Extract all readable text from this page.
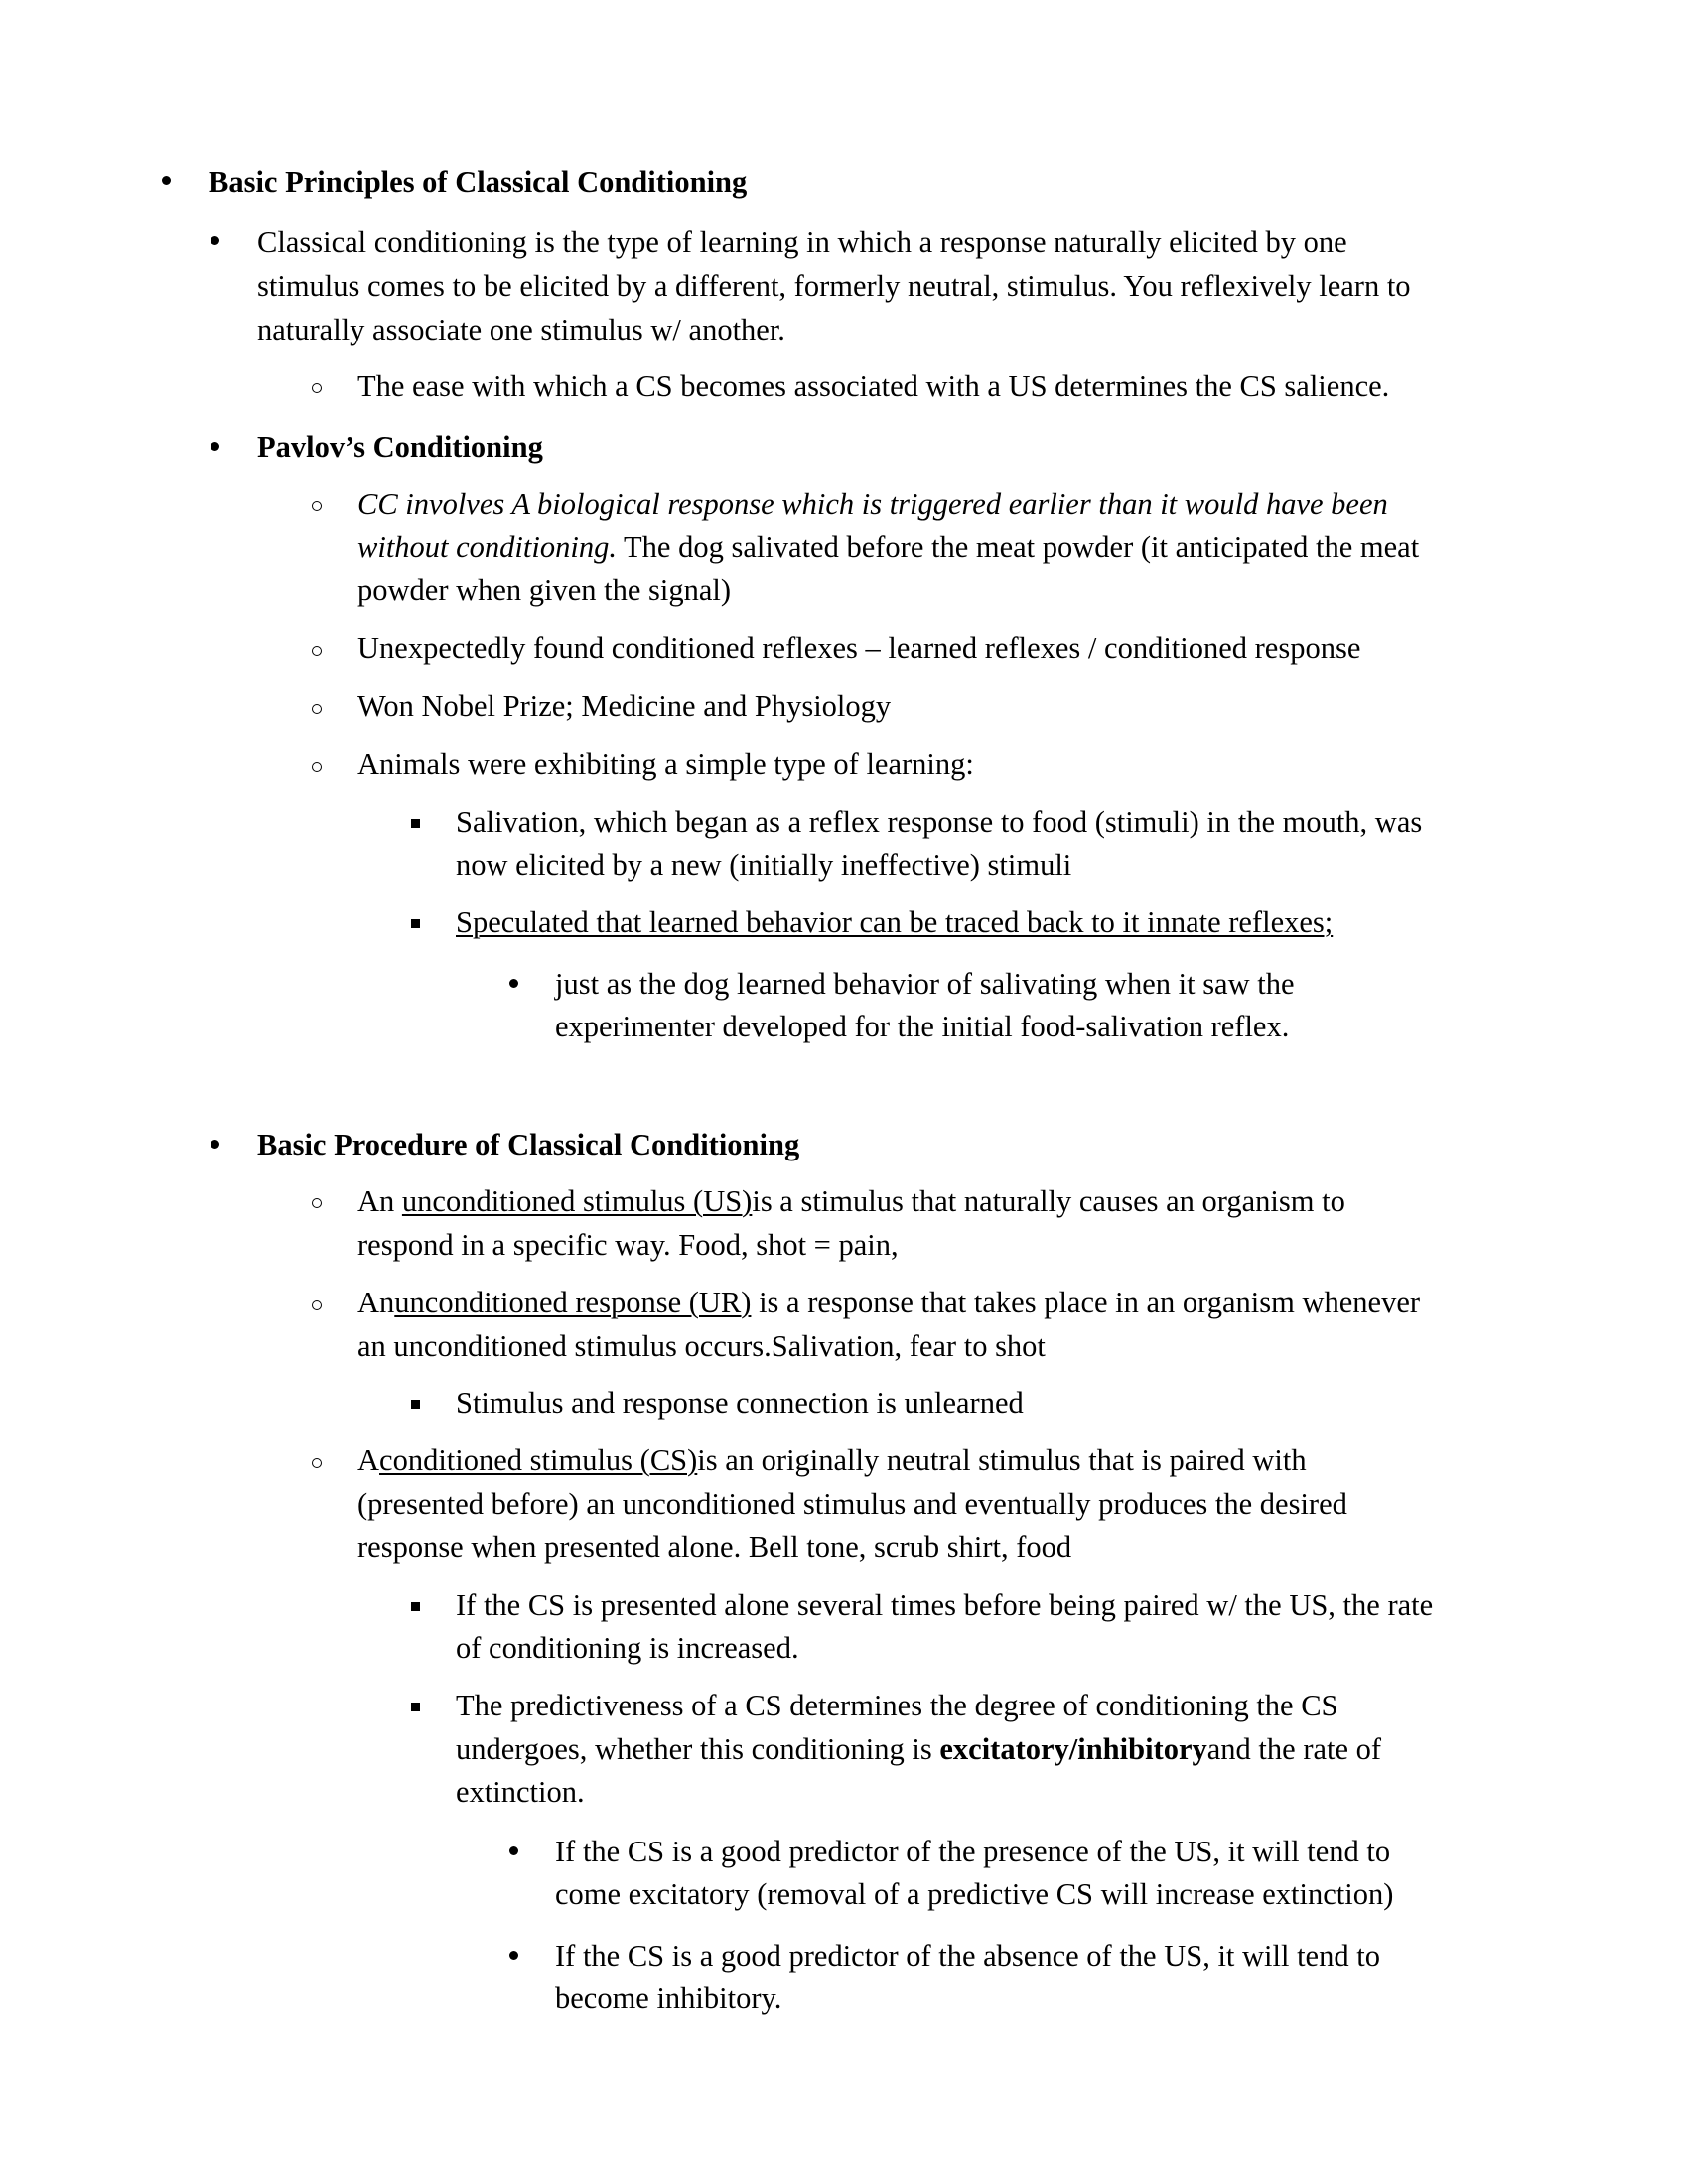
Basic Principles of Classical Conditioning
Classical conditioning is the type of learning in which a response naturally elicited by one
stimulus comes to be elicited by a different, formerly neutral, stimulus. You reflexively learn to
naturally associate one stimulus w/ another.
The ease with which a CS becomes associated with a US determines the CS salience.
Pavlov’s Conditioning
CC involves A biological response which is triggered earlier than it would have been
without conditioning. The dog salivated before the meat powder (it anticipated the meat
powder when given the signal)
Unexpectedly found conditioned reflexes – learned reflexes / conditioned response
Won Nobel Prize; Medicine and Physiology
Animals were exhibiting a simple type of learning:
Salivation, which began as a reflex response to food (stimuli) in the mouth, was
now elicited by a new (initially ineffective) stimuli
Speculated that learned behavior can be traced back to it innate reflexes;
just as the dog learned behavior of salivating when it saw the
experimenter developed for the initial food-salivation reflex.
Basic Procedure of Classical Conditioning
An unconditioned stimulus (US)is a stimulus that naturally causes an organism to
respond in a specific way. Food, shot = pain,
Anunconditioned response (UR) is a response that takes place in an organism whenever
an unconditioned stimulus occurs.Salivation, fear to shot
Stimulus and response connection is unlearned
Aconditioned stimulus (CS)is an originally neutral stimulus that is paired with
(presented before) an unconditioned stimulus and eventually produces the desired
response when presented alone. Bell tone, scrub shirt, food
If the CS is presented alone several times before being paired w/ the US, the rate
of conditioning is increased.
The predictiveness of a CS determines the degree of conditioning the CS
undergoes, whether this conditioning is excitatory/inhibitoryand the rate of
extinction.
If the CS is a good predictor of the presence of the US, it will tend to
come excitatory (removal of a predictive CS will increase extinction)
If the CS is a good predictor of the absence of the US, it will tend to
become inhibitory.
